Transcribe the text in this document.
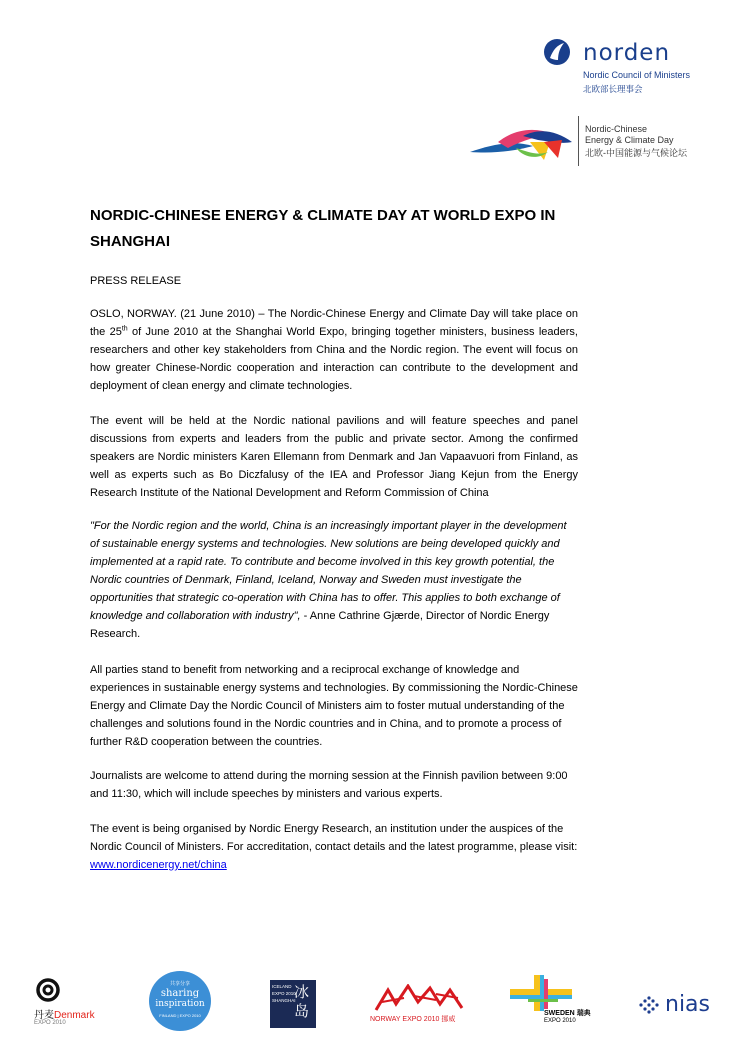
norden
Nordic Council of Ministers
北欧部长理事会
Nordic-Chinese
Energy & Climate Day
北欧-中国能源与气候论坛
NORDIC-CHINESE ENERGY & CLIMATE DAY AT WORLD EXPO IN SHANGHAI
PRESS RELEASE
OSLO, NORWAY. (21 June 2010) – The Nordic-Chinese Energy and Climate Day will take place on the 25th of June 2010 at the Shanghai World Expo, bringing together ministers, business leaders, researchers and other key stakeholders from China and the Nordic region. The event will focus on how greater Chinese-Nordic cooperation and interaction can contribute to the development and deployment of clean energy and climate technologies.
The event will be held at the Nordic national pavilions and will feature speeches and panel discussions from experts and leaders from the public and private sector. Among the confirmed speakers are Nordic ministers Karen Ellemann from Denmark and Jan Vapaavuori from Finland, as well as experts such as Bo Diczfalusy of the IEA and Professor Jiang Kejun from the Energy Research Institute of the National Development and Reform Commission of China
"For the Nordic region and the world, China is an increasingly important player in the development of sustainable energy systems and technologies. New solutions are being developed quickly and implemented at a rapid rate. To contribute and become involved in this key growth potential, the Nordic countries of Denmark, Finland, Iceland, Norway and Sweden must investigate the opportunities that strategic co-operation with China has to offer. This applies to both exchange of knowledge and collaboration with industry", - Anne Cathrine Gjærde, Director of Nordic Energy Research.
All parties stand to benefit from networking and a reciprocal exchange of knowledge and experiences in sustainable energy systems and technologies. By commissioning the Nordic-Chinese Energy and Climate Day the Nordic Council of Ministers aim to foster mutual understanding of the challenges and solutions found in the Nordic countries and in China, and to promote a process of further R&D cooperation between the countries.
Journalists are welcome to attend during the morning session at the Finnish pavilion between 9:00 and 11:30, which will include speeches by ministers and various experts.
The event is being organised by Nordic Energy Research, an institution under the auspices of the Nordic Council of Ministers. For accreditation, contact details and the latest programme, please visit: www.nordicenergy.net/china
丹麦Denmark
EXPO 2010
共享分享
sharing
inspiration
FINLAND | EXPO 2010
ICELAND
EXPO 2010
SHANGHAI
冰岛	NORWAY EXPO 2010 挪威
SWEDEN 瑞典
EXPO 2010
nias
